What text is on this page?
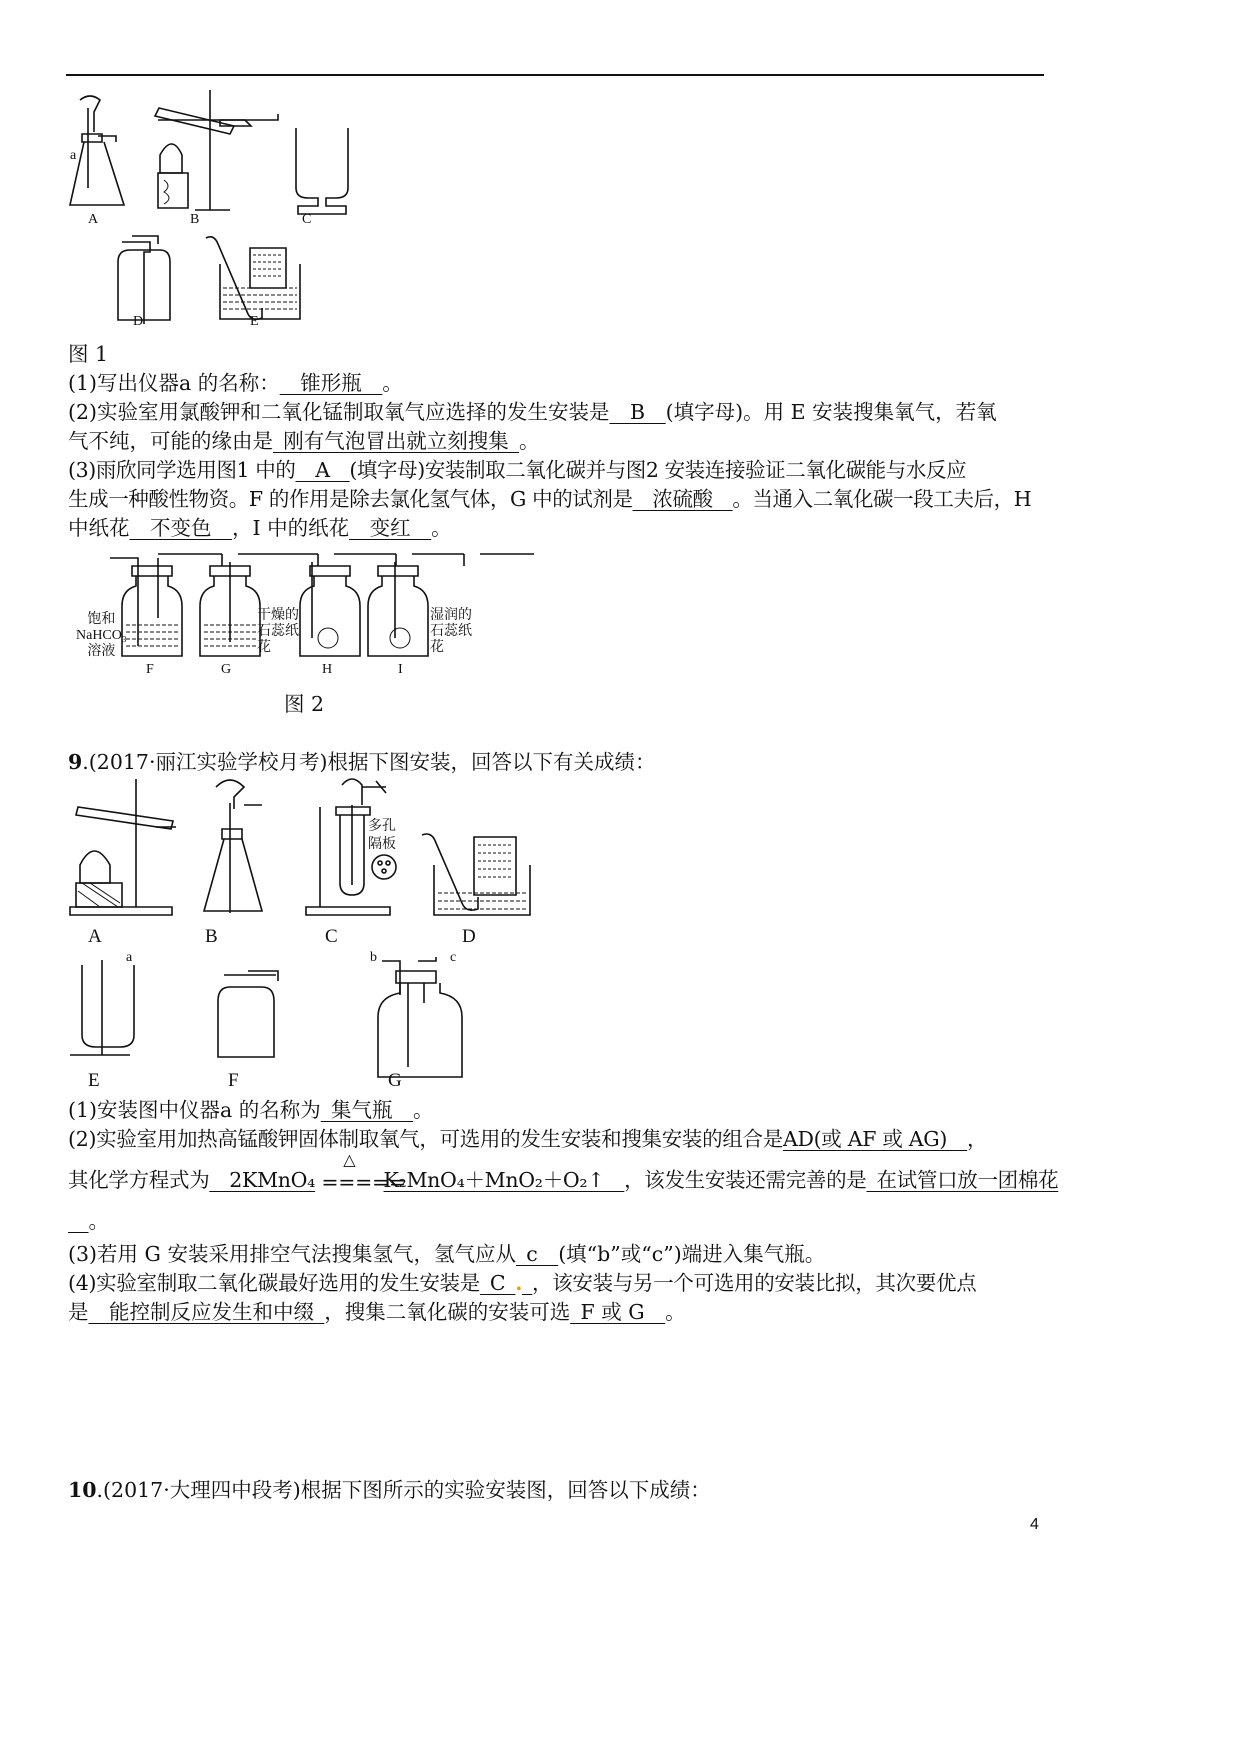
a
A	B	C
D	E
图 1
(1)写出仪器a 的名称：__锥形瓶__。
(2)实验室用氯酸钾和二氧化锰制取氧气应选择的发生安装是__B__(填字母)。用 E 安装搜集氧气，若氧
气不纯，可能的缘由是_刚有气泡冒出就立刻搜集_。
(3)雨欣同学选用图1 中的__A__(填字母)安装制取二氧化碳并与图2 安装连接验证二氧化碳能与水反应
生成一种酸性物资。F 的作用是除去氯化氢气体，G 中的试剂是__浓硫酸__。当通入二氧化碳一段工夫后，H
中纸花__不变色__，I 中的纸花__变红__。
饱和
NaHCO₃
溶液
干燥的
石蕊纸
花
湿润的
石蕊纸
花
F	G	H	I
图 2
9.(2017·丽江实验学校月考)根据下图安装，回答以下有关成绩：
多孔
隔板
A	B	C	D
a	b	c
E	F	G
(1)安装图中仪器a 的名称为_集气瓶__。
(2)实验室用加热高锰酸钾固体制取氧气，可选用的发生安装和搜集安装的组合是AD(或 AF 或 AG)__，
其化学方程式为__2KMnO₄
△
===== K₂MnO₄＋MnO₂＋O₂↑__，该发生安装还需完善的是_在试管口放一团棉花
__。
(3)若用 G 安装采用排空气法搜集氢气，氢气应从_c__(填“b”或“c”)端进入集气瓶。
(4)实验室制取二氧化碳最好选用的发生安装是_C_._，该安装与另一个可选用的安装比拟，其次要优点
是__能控制反应发生和中缀_，搜集二氧化碳的安装可选_F 或 G__。
10.(2017·大理四中段考)根据下图所示的实验安装图，回答以下成绩：
4
